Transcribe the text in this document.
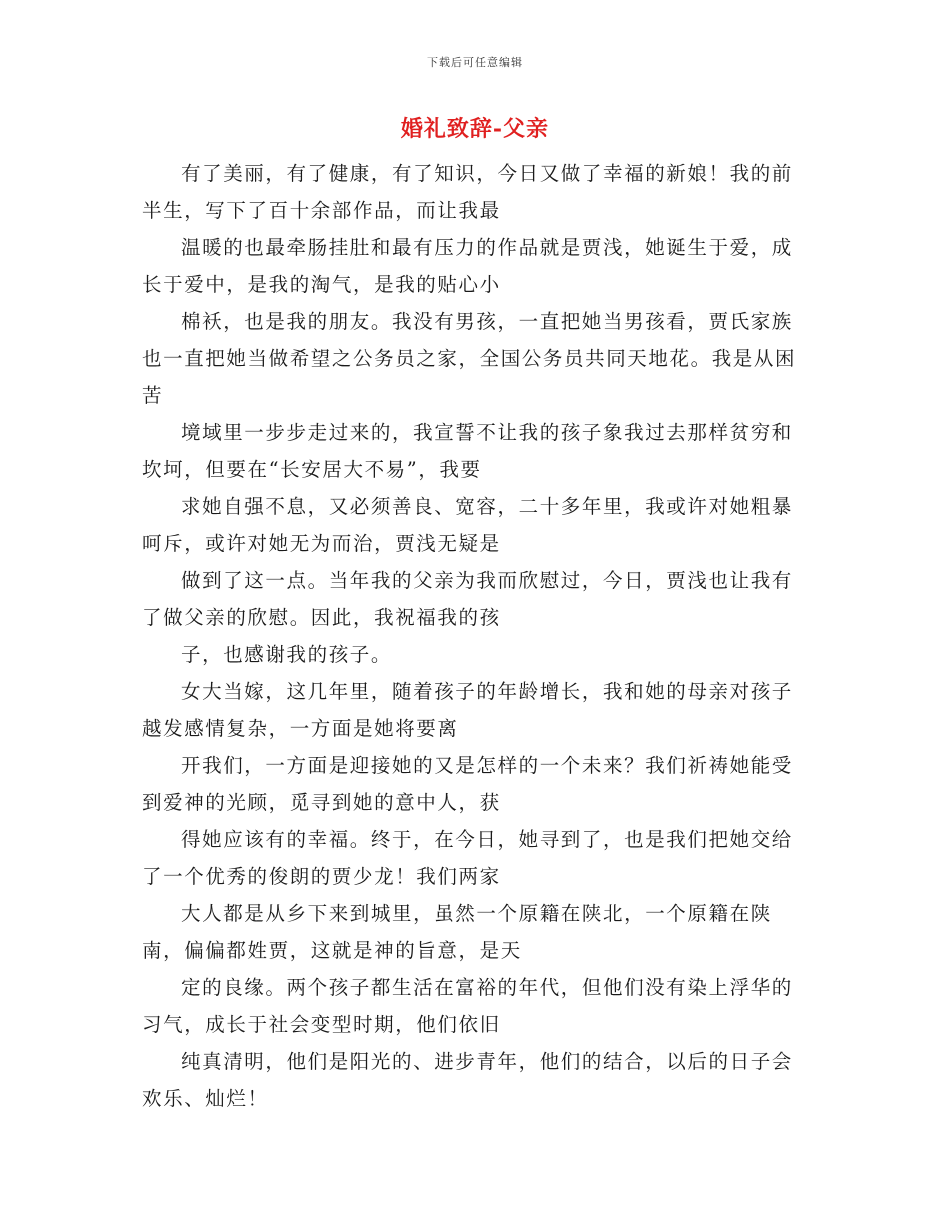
下载后可任意编辑
婚礼致辞-父亲

有了美丽，有了健康，有了知识，今日又做了幸福的新娘！我的前半生，写下了百十余部作品，而让我最

温暖的也最牵肠挂肚和最有压力的作品就是贾浅，她诞生于爱，成长于爱中，是我的淘气，是我的贴心小

棉袄，也是我的朋友。我没有男孩，一直把她当男孩看，贾氏家族也一直把她当做希望之公务员之家，全国公务员共同天地花。我是从困苦

境域里一步步走过来的，我宣誓不让我的孩子象我过去那样贫穷和坎坷，但要在“长安居大不易”，我要

求她自强不息，又必须善良、宽容，二十多年里，我或许对她粗暴呵斥，或许对她无为而治，贾浅无疑是

做到了这一点。当年我的父亲为我而欣慰过，今日，贾浅也让我有了做父亲的欣慰。因此，我祝福我的孩

子，也感谢我的孩子。

女大当嫁，这几年里，随着孩子的年龄增长，我和她的母亲对孩子越发感情复杂，一方面是她将要离

开我们，一方面是迎接她的又是怎样的一个未来？我们祈祷她能受到爱神的光顾，觅寻到她的意中人，获

得她应该有的幸福。终于，在今日，她寻到了，也是我们把她交给了一个优秀的俊朗的贾少龙！我们两家

大人都是从乡下来到城里，虽然一个原籍在陕北，一个原籍在陕南，偏偏都姓贾，这就是神的旨意，是天

定的良缘。两个孩子都生活在富裕的年代，但他们没有染上浮华的习气，成长于社会变型时期，他们依旧

纯真清明，他们是阳光的、进步青年，他们的结合，以后的日子会欢乐、灿烂！
